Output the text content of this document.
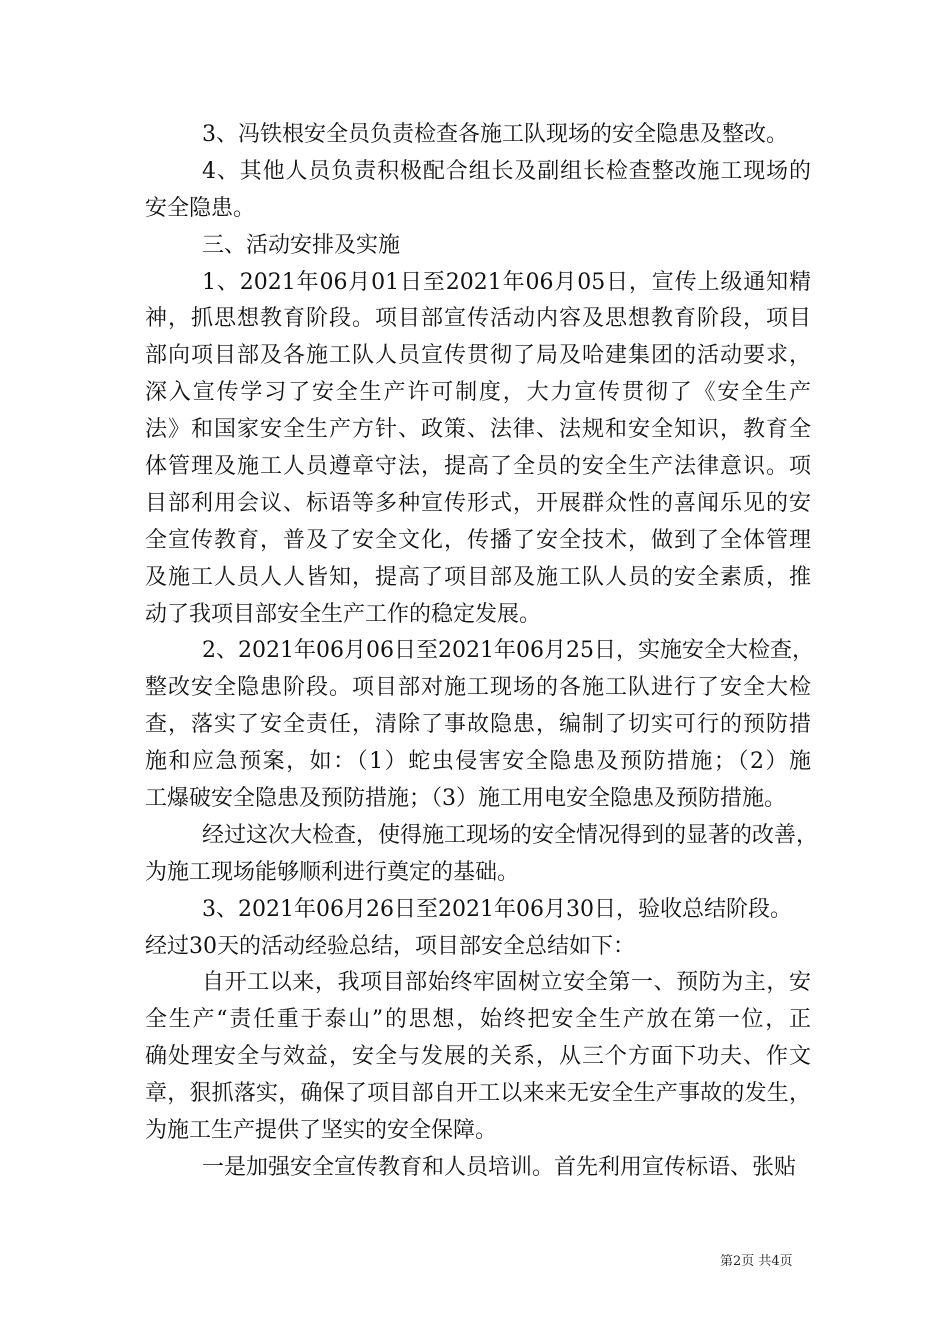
3、冯铁根安全员负责检查各施工队现场的安全隐患及整改。
4、其他人员负责积极配合组长及副组长检查整改施工现场的
安全隐患。
三、活动安排及实施
1、2021年06月01日至2021年06月05日，宣传上级通知精
神，抓思想教育阶段。项目部宣传活动内容及思想教育阶段，项目
部向项目部及各施工队人员宣传贯彻了局及哈建集团的活动要求，
深入宣传学习了安全生产许可制度，大力宣传贯彻了《安全生产
法》和国家安全生产方针、政策、法律、法规和安全知识，教育全
体管理及施工人员遵章守法，提高了全员的安全生产法律意识。项
目部利用会议、标语等多种宣传形式，开展群众性的喜闻乐见的安
全宣传教育，普及了安全文化，传播了安全技术，做到了全体管理
及施工人员人人皆知，提高了项目部及施工队人员的安全素质，推
动了我项目部安全生产工作的稳定发展。
2、2021年06月06日至2021年06月25日，实施安全大检查，
整改安全隐患阶段。项目部对施工现场的各施工队进行了安全大检
查，落实了安全责任，清除了事故隐患，编制了切实可行的预防措
施和应急预案，如：（1）蛇虫侵害安全隐患及预防措施；（2）施
工爆破安全隐患及预防措施；（3）施工用电安全隐患及预防措施。
经过这次大检查，使得施工现场的安全情况得到的显著的改善，
为施工现场能够顺利进行奠定的基础。
3、2021年06月26日至2021年06月30日，验收总结阶段。
经过30天的活动经验总结，项目部安全总结如下：
自开工以来，我项目部始终牢固树立安全第一、预防为主，安
全生产“责任重于泰山”的思想，始终把安全生产放在第一位，正
确处理安全与效益，安全与发展的关系，从三个方面下功夫、作文
章，狠抓落实，确保了项目部自开工以来来无安全生产事故的发生，
为施工生产提供了坚实的安全保障。
一是加强安全宣传教育和人员培训。首先利用宣传标语、张贴
第2页 共4页
